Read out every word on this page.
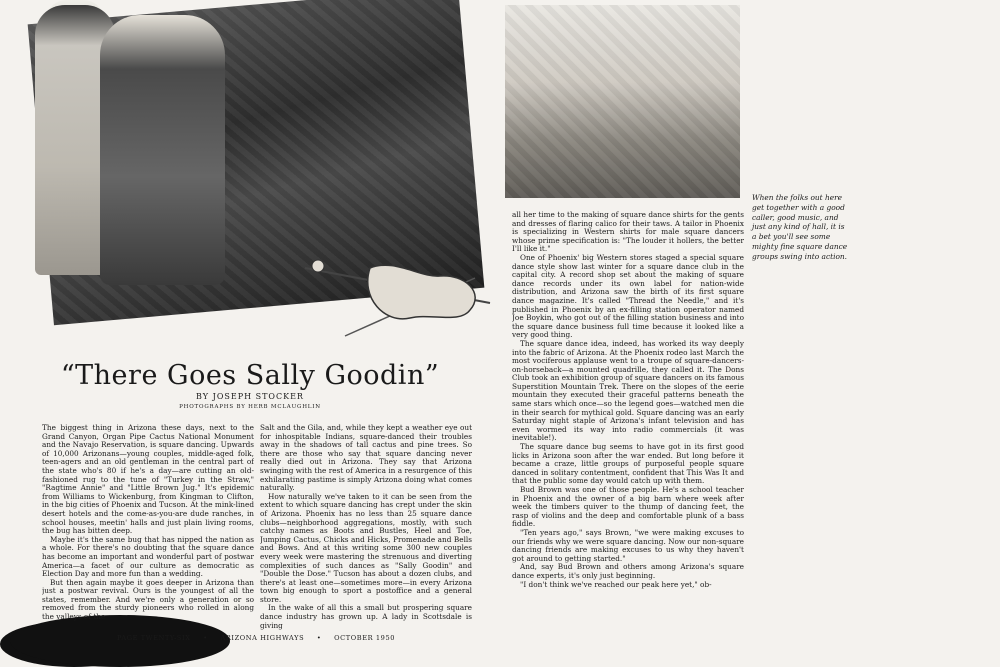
“There Goes Sally Goodin”
BY JOSEPH STOCKER
PHOTOGRAPHS BY HERB MCLAUGHLIN

The biggest thing in Arizona these days, next to the Grand Canyon, Organ Pipe Cactus National Monument and the Navajo Reservation, is square dancing. Upwards of 10,000 Arizonans—young couples, middle-aged folk, teen-agers and an old gentleman in the central part of the state who's 80 if he's a day—are cutting an old-fashioned rug to the tune of "Turkey in the Straw," "Ragtime Annie" and "Little Brown Jug." It's epidemic from Williams to Wickenburg, from Kingman to Clifton, in the big cities of Phoenix and Tucson. At the mink-lined desert hotels and the come-as-you-are dude ranches, in school houses, meetin' halls and just plain living rooms, the bug has bitten deep.

Maybe it's the same bug that has nipped the nation as a whole. For there's no doubting that the square dance has become an important and wonderful part of postwar America—a facet of our culture as democratic as Election Day and more fun than a wedding.

But then again maybe it goes deeper in Arizona than just a postwar revival. Ours is the youngest of all the states, remember. And we're only a generation or so removed from the sturdy pioneers who rolled in along the valleys of the

Salt and the Gila, and, while they kept a weather eye out for inhospitable Indians, square-danced their troubles away in the shadows of tall cactus and pine trees. So there are those who say that square dancing never really died out in Arizona. They say that Arizona swinging with the rest of America in a resurgence of this exhilarating pastime is simply Arizona doing what comes naturally.

How naturally we've taken to it can be seen from the extent to which square dancing has crept under the skin of Arizona. Phoenix has no less than 25 square dance clubs—neighborhood aggregations, mostly, with such catchy names as Boots and Bustles, Heel and Toe, Jumping Cactus, Chicks and Hicks, Promenade and Bells and Bows. And at this writing some 300 new couples every week were mastering the strenuous and diverting complexities of such dances as "Sally Goodin" and "Double the Dose." Tucson has about a dozen clubs, and there's at least one—sometimes more—in every Arizona town big enough to sport a postoffice and a general store.

In the wake of all this a small but prospering square dance industry has grown up. A lady in Scottsdale is giving

all her time to the making of square dance shirts for the gents and dresses of flaring calico for their taws. A tailor in Phoenix is specializing in Western shirts for male square dancers whose prime specification is: "The louder it hollers, the better I'll like it."

One of Phoenix' big Western stores staged a special square dance style show last winter for a square dance club in the capital city. A record shop set about the making of square dance records under its own label for nation-wide distribution, and Arizona saw the birth of its first square dance magazine. It's called "Thread the Needle," and it's published in Phoenix by an ex-filling station operator named Joe Boykin, who got out of the filling station business and into the square dance business full time because it looked like a very good thing.

The square dance idea, indeed, has worked its way deeply into the fabric of Arizona. At the Phoenix rodeo last March the most vociferous applause went to a troupe of square-dancers-on-horseback—a mounted quadrille, they called it. The Dons Club took an exhibition group of square dancers on its famous Superstition Mountain Trek. There on the slopes of the eerie mountain they executed their graceful patterns beneath the same stars which once—so the legend goes—watched men die in their search for mythical gold. Square dancing was an early Saturday night staple of Arizona's infant television and has even wormed its way into radio commercials (it was inevitable!).

The square dance bug seems to have got in its first good licks in Arizona soon after the war ended. But long before it became a craze, little groups of purposeful people square danced in solitary contentment, confident that This Was It and that the public some day would catch up with them.

Bud Brown was one of those people. He's a school teacher in Phoenix and the owner of a big barn where week after week the timbers quiver to the thump of dancing feet, the rasp of violins and the deep and comfortable plunk of a bass fiddle.

"Ten years ago," says Brown, "we were making excuses to our friends why we were square dancing. Now our non-square dancing friends are making excuses to us why they haven't got around to getting started."

And, say Bud Brown and others among Arizona's square dance experts, it's only just beginning.

"I don't think we've reached our peak here yet," ob-

When the folks out here get together with a good caller, good music, and just any kind of hall, it is a bet you'll see some mighty fine square dance groups swing into action.
PAGE TWENTY-SIX • ARIZONA HIGHWAYS • OCTOBER 1950
